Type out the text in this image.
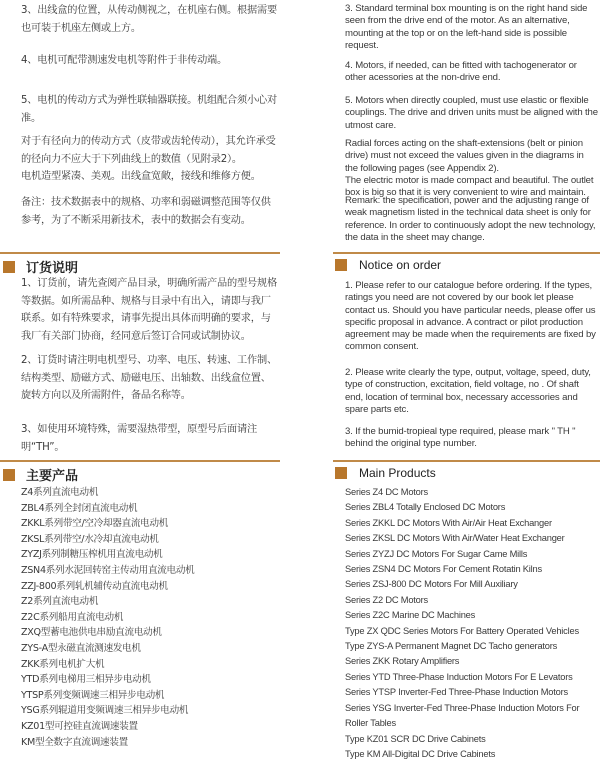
3、出线盒的位置，从传动侧视之，在机座右侧。根据需要也可装于机座左侧或上方。

4、电机可配带测速发电机等附件于非传动端。

5、电机的传动方式为弹性联轴器联接。机组配合须小心对准。

对于有径向力的传动方式（皮带或齿轮传动），其允许承受的径向力不应大于下列曲线上的数值（见附录2）。
电机造型紧凑、美观。出线盒宽敞，接线和维修方便。

备注：技术数据表中的规格、功率和弱磁调整范围等仅供参考，为了不断采用新技术，表中的数据会有变动。

订货说明

1、订货前，请先查阅产品目录，明确所需产品的型号规格等数据。如所需品种、规格与目录中有出入，请即与我厂联系。如有特殊要求，请事先提出具体而明确的要求，与我厂有关部门协商，经同意后签订合同或试制协议。

2、订货时请注明电机型号、功率、电压、转速、工作制、结构类型、励磁方式、励磁电压、出轴数、出线盒位置、旋转方向以及所需附件，备品名称等。

3、如使用环境特殊，需要湿热带型，原型号后面请注明“TH”。

主要产品
Z4系列直流电动机
ZBL4系列全封闭直流电动机
ZKKL系列带空/空冷却器直流电动机
ZKSL系列带空/水冷却直流电动机
ZYZJ系列制糖压榨机用直流电动机
ZSN4系列水泥回转窑主传动用直流电动机
ZZJ-800系列轧机辅传动直流电动机
Z2系列直流电动机
Z2C系列船用直流电动机
ZXQ型蓄电池供电串励直流电动机
ZYS-A型永磁直流测速发电机
ZKK系列电机扩大机
YTD系列电梯用三相异步电动机
YTSP系列变频调速三相异步电动机
YSG系列辊道用变频调速三相异步电动机
KZ01型可控硅直流调速装置
KM型全数字直流调速装置

3. Standard terminal box mounting is on the right hand side seen from the drive end of the motor. As an alternative, mounting at the top or on the left-hand side is possible request.

4. Motors, if needed, can be fitted with tachogenerator or other acessories at the non-drive end.

5. Motors when directly coupled, must use elastic or flexible couplings. The drive and driven units must be aligned with the utmost care.

Radial forces acting on the shaft-extensions (belt or pinion drive) must not exceed the values given in the diagrams in the following pages (see Appendix 2).
The electric motor is made compact and beautiful. The outlet box is big so that it is very convenient to wire and maintain.

Remark: the specification, power and the adjusting range of weak magnetism listed in the technical data sheet is only for reference. In order to continuously adopt the new technology, the data in the sheet may change.

Notice on order

1. Please refer to our catalogue before ordering. If the types, ratings you need are not covered by our book let please contact us. Should you have particular needs, please offer us specific proposal in advance. A contract or pilot production agreement may be made when the requirements are fixed by common consent.

2. Please write clearly the type, output, voltage, speed, duty, type of construction, excitation, field voltage, no . Of shaft end, location of terminal box, necessary accessories and spare parts etc.

3. If the bumid-tropieal type required, please mark " TH " behind the original type number.

Main Products
Series Z4 DC Motors
Series ZBL4 Totally Enclosed DC Motors
Series ZKKL DC Motors With Air/Air Heat Exchanger
Series ZKSL DC Motors With Air/Water Heat Exchanger
Series ZYZJ DC Motors For Sugar Came Mills
Series ZSN4 DC Motors For Cement Rotatin Kilns
Series ZSJ-800 DC Motors For Mill Auxiliary
Series Z2 DC Motors
Series Z2C Marine DC Machines
Type ZX QDC Series Motors For Battery Operated Vehicles
Type ZYS-A Permanent Magnet DC Tacho generators
Series ZKK Rotary Amplifiers
Series YTD Three-Phase Induction Motors For E Levators
Series YTSP Inverter-Fed Three-Phase Induction Motors
Series YSG Inverter-Fed Three-Phase Induction Motors For Roller Tables
Type KZ01 SCR DC Drive Cabinets
Type KM All-Digital DC Drive Cabinets
